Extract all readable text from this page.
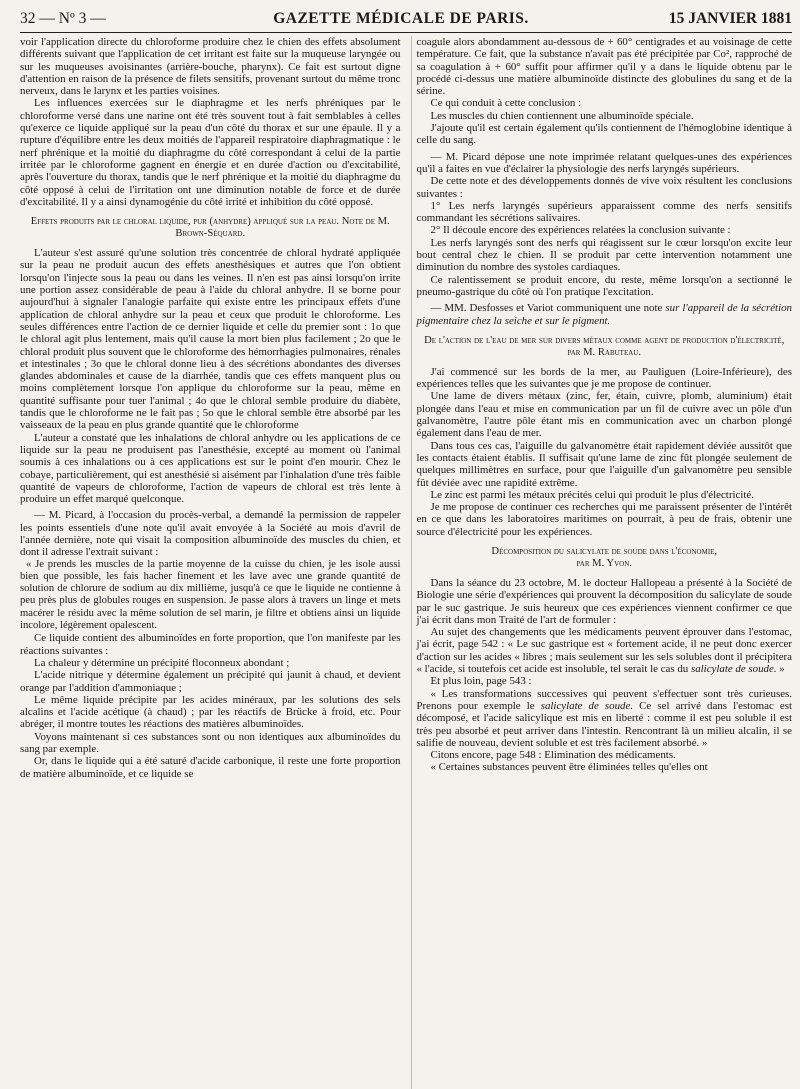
32 — Nº 3 —	GAZETTE MÉDICALE DE PARIS.	15 JANVIER 1881

voir l'application directe du chloroforme produire chez le chien des effets absolument différents suivant que l'application de cet irritant est faite sur la muqueuse laryngée ou sur les muqueuses avoisinantes (arrière-bouche, pharynx). Ce fait est surtout digne d'attention en raison de la présence de filets sensitifs, provenant surtout du même tronc nerveux, dans le larynx et les parties voisines.

Les influences exercées sur le diaphragme et les nerfs phréniques par le chloroforme versé dans une narine ont été très souvent tout à fait semblables à celles qu'exerce ce liquide appliqué sur la peau d'un côté du thorax et sur une épaule. Il y a rupture d'équilibre entre les deux moitiés de l'appareil respiratoire diaphragmatique : le nerf phrénique et la moitié du diaphragme du côté correspondant à celui de la partie irritée par le chloroforme gagnent en énergie et en durée d'action ou d'excitabilité, après l'ouverture du thorax, tandis que le nerf phrénique et la moitié du diaphragme du côté opposé à celui de l'irritation ont une diminution notable de force et de durée d'excitabilité. Il y a ainsi dynamogénie du côté irrité et inhibition du côté opposé.

Effets produits par le chloral liquide, pur (anhydre) appliqué sur la peau. Note de M. Brown-Séquard.

L'auteur s'est assuré qu'une solution très concentrée de chloral hydraté appliquée sur la peau ne produit aucun des effets anesthésiques et autres que l'on obtient lorsqu'on l'injecte sous la peau ou dans les veines. Il n'en est pas ainsi lorsqu'on irrite une portion assez considérable de peau à l'aide du chloral anhydre. Il se borne pour aujourd'hui à signaler l'analogie parfaite qui existe entre les principaux effets d'une application de chloral anhydre sur la peau et ceux que produit le chloroforme. Les seules différences entre l'action de ce dernier liquide et celle du premier sont : 1o que le chloral agit plus lentement, mais qu'il cause la mort bien plus facilement ; 2o que le chloral produit plus souvent que le chloroforme des hémorrhagies pulmonaires, rénales et intestinales ; 3o que le chloral donne lieu à des sécrétions abondantes des diverses glandes abdominales et cause de la diarrhée, tandis que ces effets manquent plus ou moins complètement lorsque l'on applique du chloroforme sur la peau, même en quantité suffisante pour tuer l'animal ; 4o que le chloral semble produire du diabète, tandis que le chloroforme ne le fait pas ; 5o que le chloral semble être absorbé par les vaisseaux de la peau en plus grande quantité que le chloroforme

L'auteur a constaté que les inhalations de chloral anhydre ou les applications de ce liquide sur la peau ne produisent pas l'anesthésie, excepté au moment où l'animal soumis à ces inhalations ou à ces applications est sur le point d'en mourir. Chez le cobaye, particulièrement, qui est anesthésié si aisément par l'inhalation d'une très faible quantité de vapeurs de chloroforme, l'action de vapeurs de chloral est très lente à produire un effet marqué quelconque.

— M. Picard, à l'occasion du procès-verbal, a demandé la permission de rappeler les points essentiels d'une note qu'il avait envoyée à la Société au mois d'avril de l'année dernière, note qui visait la composition albuminoïde des muscles du chien, et dont il adresse l'extrait suivant :

« Je prends les muscles de la partie moyenne de la cuisse du chien, je les isole aussi bien que possible, les fais hacher finement et les lave avec une grande quantité de solution de chlorure de sodium au dix millième, jusqu'à ce que le liquide ne contienne à peu près plus de globules rouges en suspension. Je passe alors à travers un linge et mets macérer le résidu avec la même solution de sel marin, je filtre et obtiens ainsi un liquide incolore, légèrement opalescent.

Ce liquide contient des albuminoïdes en forte proportion, que l'on manifeste par les réactions suivantes :

La chaleur y détermine un précipité floconneux abondant ;

L'acide nitrique y détermine également un précipité qui jaunit à chaud, et devient orange par l'addition d'ammoniaque ;

Le même liquide précipite par les acides minéraux, par les solutions des sels alcalins et l'acide acétique (à chaud) ; par les réactifs de Brücke à froid, etc. Pour abréger, il montre toutes les réactions des matières albuminoïdes.

Voyons maintenant si ces substances sont ou non identiques aux albuminoïdes du sang par exemple.

Or, dans le liquide qui a été saturé d'acide carbonique, il reste une forte proportion de matière albuminoïde, et ce liquide se

coagule alors abondamment au-dessous de + 60° centigrades et au voisinage de cette température. Ce fait, que la substance n'avait pas été précipitée par Co², rapproché de sa coagulation à + 60° suffit pour affirmer qu'il y a dans le liquide obtenu par le procédé ci-dessus une matière albuminoïde distincte des globulines du sang et de la sérine.

Ce qui conduit à cette conclusion :

Les muscles du chien contiennent une albuminoïde spéciale.

J'ajoute qu'il est certain également qu'ils contiennent de l'hémoglobine identique à celle du sang.

— M. Picard dépose une note imprimée relatant quelques-unes des expériences qu'il a faites en vue d'éclairer la physiologie des nerfs laryngés supérieurs.

De cette note et des développements donnés de vive voix résultent les conclusions suivantes :

1° Les nerfs laryngés supérieurs apparaissent comme des nerfs sensitifs commandant les sécrétions salivaires.

2° Il découle encore des expériences relatées la conclusion suivante :

Les nerfs laryngés sont des nerfs qui réagissent sur le cœur lorsqu'on excite leur bout central chez le chien. Il se produit par cette intervention notamment une diminution du nombre des systoles cardiaques.

Ce ralentissement se produit encore, du reste, même lorsqu'on a sectionné le pneumo-gastrique du côté où l'on pratique l'excitation.

— MM. Desfosses et Variot communiquent une note sur l'appareil de la sécrétion pigmentaire chez la seiche et sur le pigment.

De l'action de l'eau de mer sur divers métaux comme agent de production d'électricité, par M. Rabuteau.

J'ai commencé sur les bords de la mer, au Pauliguen (Loire-Inférieure), des expériences telles que les suivantes que je me propose de continuer.

Une lame de divers métaux (zinc, fer, étain, cuivre, plomb, aluminium) était plongée dans l'eau et mise en communication par un fil de cuivre avec un pôle d'un galvanomètre, l'autre pôle étant mis en communication avec un charbon plongé également dans l'eau de mer.

Dans tous ces cas, l'aiguille du galvanomètre était rapidement déviée aussitôt que les contacts étaient établis. Il suffisait qu'une lame de zinc fût plongée seulement de quelques millimètres en surface, pour que l'aiguille d'un galvanomètre peu sensible fût déviée avec une rapidité extrême.

Le zinc est parmi les métaux précités celui qui produit le plus d'électricité.

Je me propose de continuer ces recherches qui me paraissent présenter de l'intérêt en ce que dans les laboratoires maritimes on pourrait, à peu de frais, obtenir une source d'électricité pour les expériences.

Décomposition du salicylate de soude dans l'économie,
par M. Yvon.

Dans la séance du 23 octobre, M. le docteur Hallopeau a présenté à la Société de Biologie une série d'expériences qui prouvent la décomposition du salicylate de soude par le suc gastrique. Je suis heureux que ces expériences viennent confirmer ce que j'ai écrit dans mon Traité de l'art de formuler :

Au sujet des changements que les médicaments peuvent éprouver dans l'estomac, j'ai écrit, page 542 : « Le suc gastrique est « fortement acide, il ne peut donc exercer d'action sur les acides « libres ; mais seulement sur les sels solubles dont il précipitera « l'acide, si toutefois cet acide est insoluble, tel serait le cas du salicylate de soude. »

Et plus loin, page 543 :

« Les transformations successives qui peuvent s'effectuer sont très curieuses. Prenons pour exemple le salicylate de soude. Ce sel arrivé dans l'estomac est décomposé, et l'acide salicylique est mis en liberté : comme il est peu soluble il est très peu absorbé et peut arriver dans l'intestin. Rencontrant là un milieu alcalin, il se salifie de nouveau, devient soluble et est très facilement absorbé. »

Citons encore, page 548 : Elimination des médicaments.

« Certaines substances peuvent être éliminées telles qu'elles ont
